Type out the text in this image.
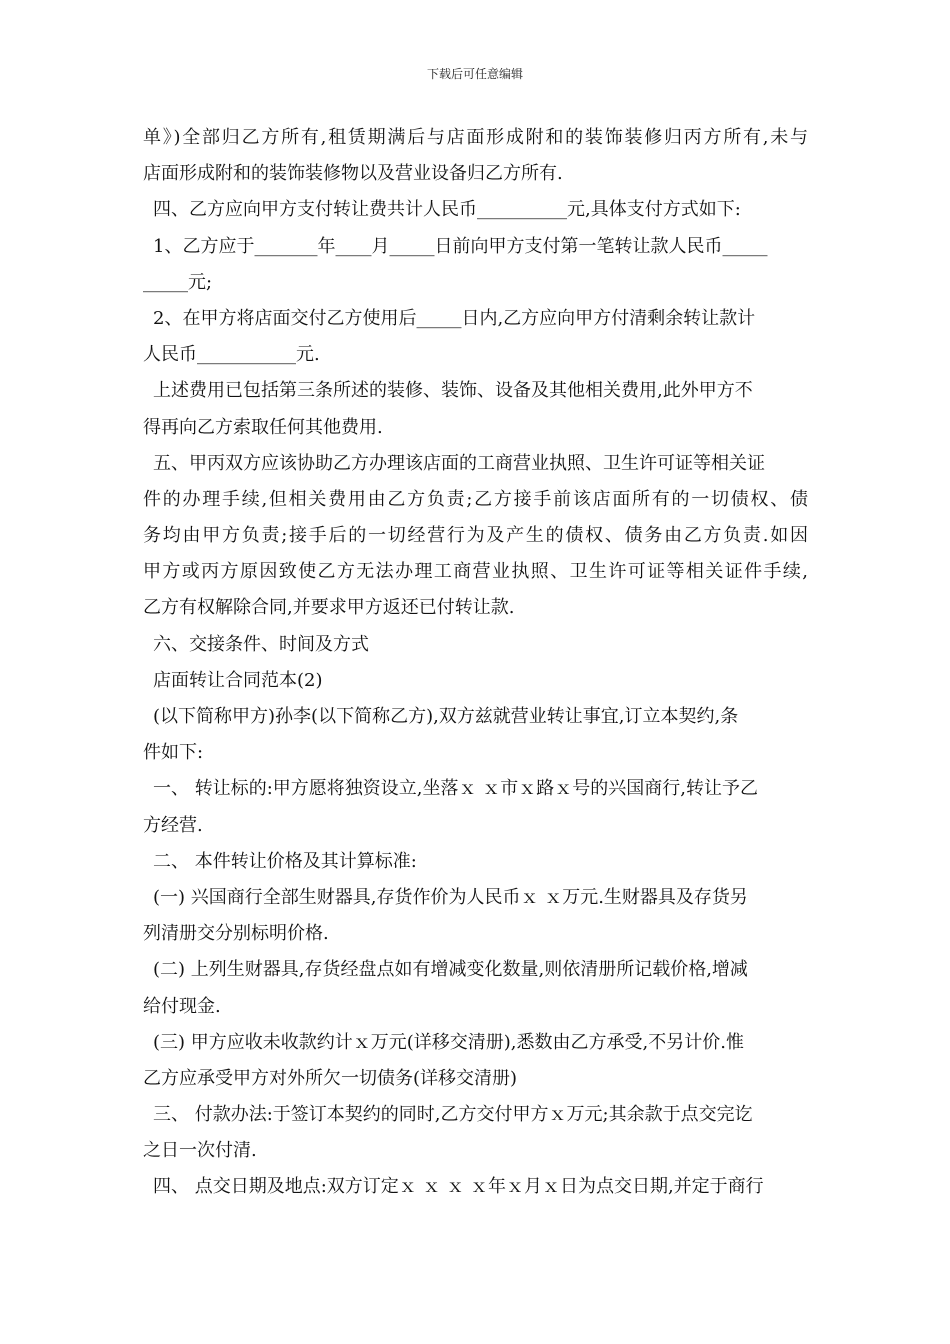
下载后可任意编辑
单》)全部归乙方所有,租赁期满后与店面形成附和的装饰装修归丙方所有,未与
店面形成附和的装饰装修物以及营业设备归乙方所有.
四、乙方应向甲方支付转让费共计人民币__________元,具体支付方式如下:
1、乙方应于_______年____月_____日前向甲方支付第一笔转让款人民币_____
_____元;
2、在甲方将店面交付乙方使用后_____日内,乙方应向甲方付清剩余转让款计
人民币___________元.
上述费用已包括第三条所述的装修、装饰、设备及其他相关费用,此外甲方不
得再向乙方索取任何其他费用.
五、甲丙双方应该协助乙方办理该店面的工商营业执照、卫生许可证等相关证
件的办理手续,但相关费用由乙方负责;乙方接手前该店面所有的一切债权、债
务均由甲方负责;接手后的一切经营行为及产生的债权、债务由乙方负责.如因
甲方或丙方原因致使乙方无法办理工商营业执照、卫生许可证等相关证件手续,
乙方有权解除合同,并要求甲方返还已付转让款.
六、交接条件、时间及方式
店面转让合同范本(2)
(以下简称甲方)孙李(以下简称乙方),双方兹就营业转让事宜,订立本契约,条
件如下:
一、 转让标的:甲方愿将独资设立,坐落ｘ ｘ市ｘ路ｘ号的兴国商行,转让予乙
方经营.
二、 本件转让价格及其计算标准:
(一) 兴国商行全部生财器具,存货作价为人民币ｘ ｘ万元.生财器具及存货另
列清册交分别标明价格.
(二) 上列生财器具,存货经盘点如有增减变化数量,则依清册所记载价格,增减
给付现金.
(三) 甲方应收未收款约计ｘ万元(详移交清册),悉数由乙方承受,不另计价.惟
乙方应承受甲方对外所欠一切债务(详移交清册)
三、 付款办法:于签订本契约的同时,乙方交付甲方ｘ万元;其余款于点交完讫
之日一次付清.
四、 点交日期及地点:双方订定ｘ ｘ ｘ ｘ年ｘ月ｘ日为点交日期,并定于商行
